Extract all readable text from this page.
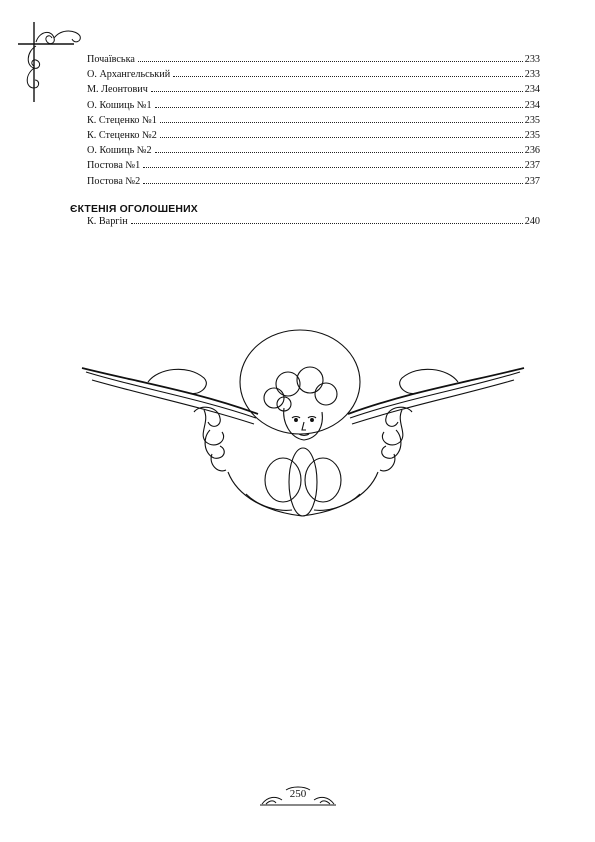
Почаївська	233
О. Архангельський	233
М. Леонтович	234
О. Кошиць №1	234
К. Стеценко №1	235
К. Стеценко №2	235
О. Кошиць №2	236
Постова №1	237
Постова №2	237
ЄКТЕНІЯ ОГОЛОШЕНИХ
К. Варгін	240
250
